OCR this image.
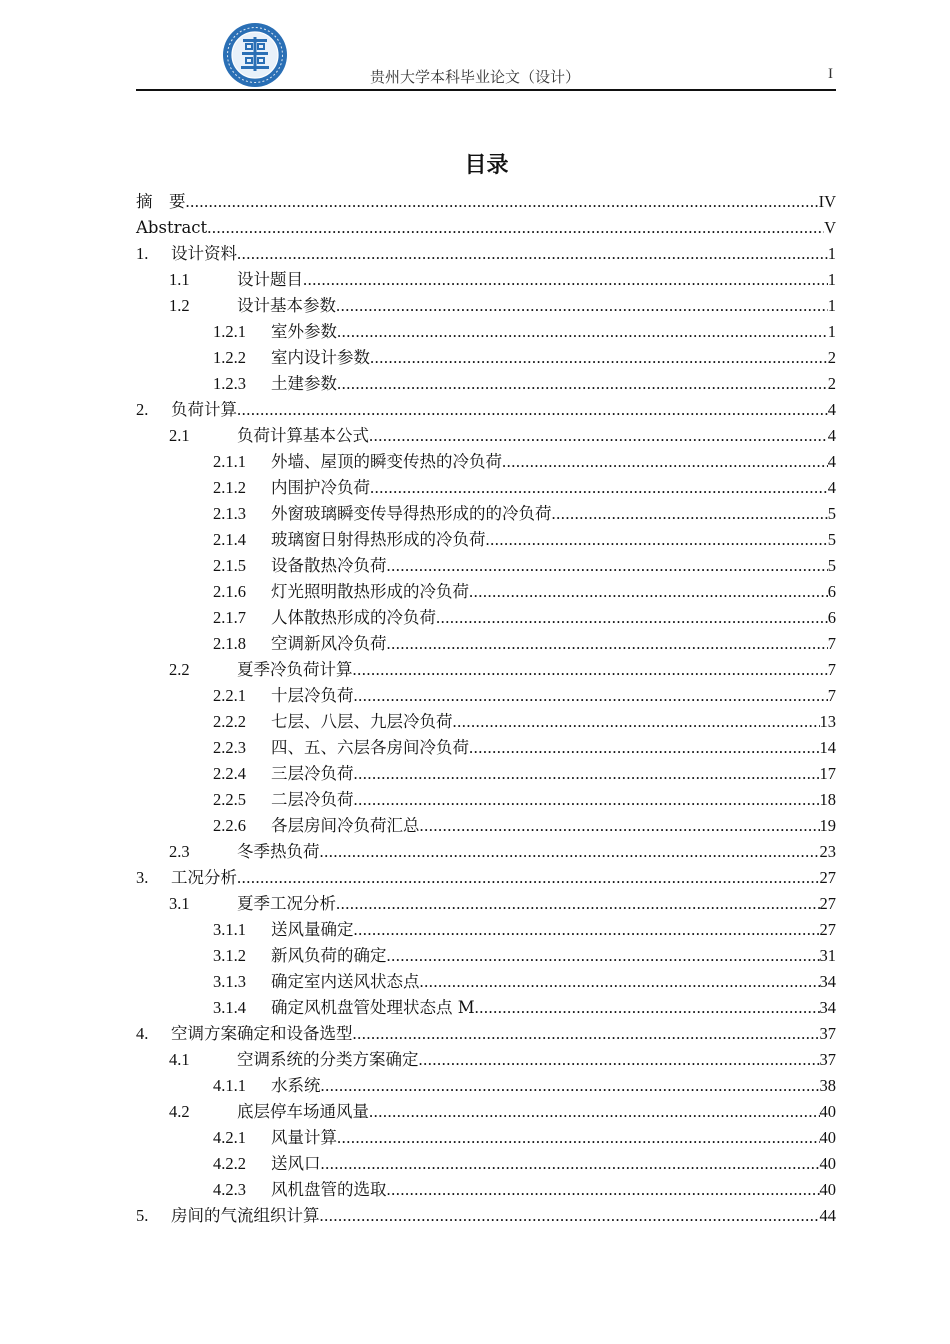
贵州大学本科毕业论文（设计）	I
目录
摘　要 .....	IV
Abstract .....	V
1.	设计资料 .....	1
1.1	设计题目 .....	1
1.2	设计基本参数 .....	1
1.2.1	室外参数 .....	1
1.2.2	室内设计参数 .....	2
1.2.3	土建参数 .....	2
2.	负荷计算 .....	4
2.1	负荷计算基本公式 .....	4
2.1.1	外墙、屋顶的瞬变传热的冷负荷 .....	4
2.1.2	内围护冷负荷 .....	4
2.1.3	外窗玻璃瞬变传导得热形成的的冷负荷 .....	5
2.1.4	玻璃窗日射得热形成的冷负荷 .....	5
2.1.5	设备散热冷负荷 .....	5
2.1.6	灯光照明散热形成的冷负荷 .....	6
2.1.7	人体散热形成的冷负荷 .....	6
2.1.8	空调新风冷负荷 .....	7
2.2	夏季冷负荷计算 .....	7
2.2.1	十层冷负荷 .....	7
2.2.2	七层、八层、九层冷负荷 .....	13
2.2.3	四、五、六层各房间冷负荷 .....	14
2.2.4	三层冷负荷 .....	17
2.2.5	二层冷负荷 .....	18
2.2.6	各层房间冷负荷汇总 .....	19
2.3	冬季热负荷 .....	23
3.	工况分析 .....	27
3.1	夏季工况分析 .....	27
3.1.1	送风量确定 .....	27
3.1.2	新风负荷的确定 .....	31
3.1.3	确定室内送风状态点 .....	34
3.1.4	确定风机盘管处理状态点 M .....	34
4.	空调方案确定和设备选型 .....	37
4.1	空调系统的分类方案确定 .....	37
4.1.1	水系统 .....	38
4.2	底层停车场通风量 .....	40
4.2.1	风量计算 .....	40
4.2.2	送风口 .....	40
4.2.3	风机盘管的选取 .....	40
5.	房间的气流组织计算 .....	44
